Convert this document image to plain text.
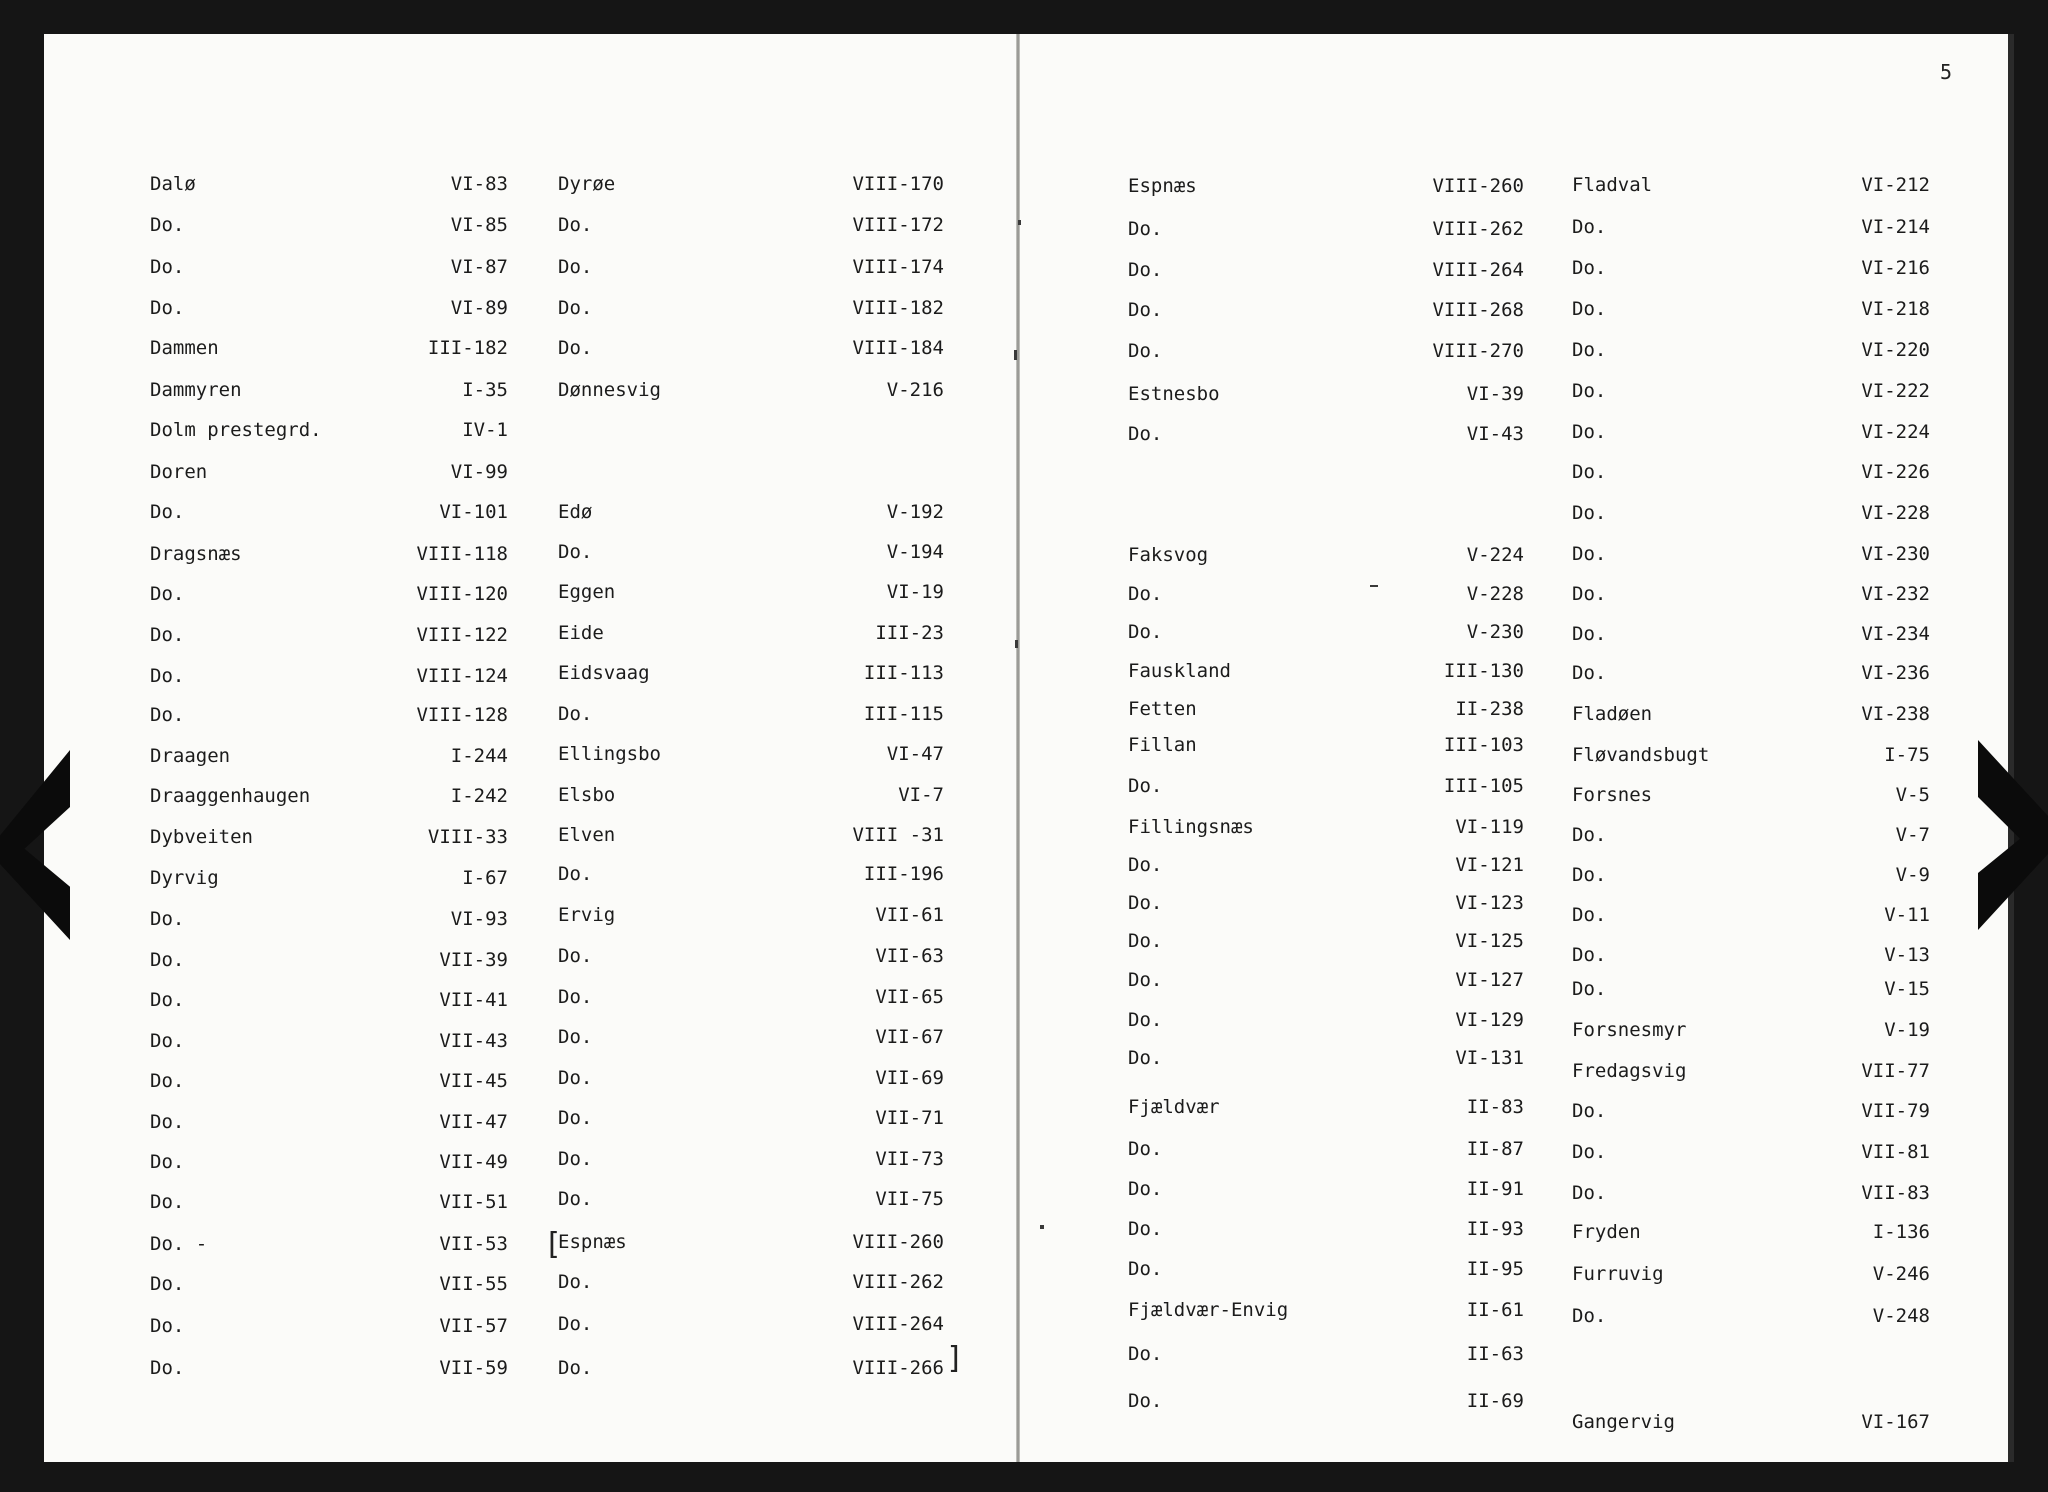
5
Dalø	VI-83
Do.	VI-85
Do.	VI-87
Do.	VI-89
Dammen	III-182
Dammyren	I-35
Dolm prestegrd.	IV-1
Doren	VI-99
Do.	VI-101
Dragsnæs	VIII-118
Do.	VIII-120
Do.	VIII-122
Do.	VIII-124
Do.	VIII-128
Draagen	I-244
Draaggenhaugen	I-242
Dybveiten	VIII-33
Dyrvig	I-67
Do.	VI-93
Do.	VII-39
Do.	VII-41
Do.	VII-43
Do.	VII-45
Do.	VII-47
Do.	VII-49
Do.	VII-51
Do. -	VII-53
Do.	VII-55
Do.	VII-57
Do.	VII-59
Dyrøe	VIII-170
Do.	VIII-172
Do.	VIII-174
Do.	VIII-182
Do.	VIII-184
Dønnesvig	V-216
Edø	V-192
Do.	V-194
Eggen	VI-19
Eide	III-23
Eidsvaag	III-113
Do.	III-115
Ellingsbo	VI-47
Elsbo	VI-7
Elven	VIII -31
Do.	III-196
Ervig	VII-61
Do.	VII-63
Do.	VII-65
Do.	VII-67
Do.	VII-69
Do.	VII-71
Do.	VII-73
Do.	VII-75
Espnæs	VIII-260
Do.	VIII-262
Do.	VIII-264
Do.	VIII-266
Espnæs	VIII-260
Do.	VIII-262
Do.	VIII-264
Do.	VIII-268
Do.	VIII-270
Estnesbo	VI-39
Do.	VI-43
Faksvog	V-224
Do.	V-228
Do.	V-230
Fauskland	III-130
Fetten	II-238
Fillan	III-103
Do.	III-105
Fillingsnæs	VI-119
Do.	VI-121
Do.	VI-123
Do.	VI-125
Do.	VI-127
Do.	VI-129
Do.	VI-131
Fjældvær	II-83
Do.	II-87
Do.	II-91
Do.	II-93
Do.	II-95
Fjældvær-Envig	II-61
Do.	II-63
Do.	II-69
Fladval	VI-212
Do.	VI-214
Do.	VI-216
Do.	VI-218
Do.	VI-220
Do.	VI-222
Do.	VI-224
Do.	VI-226
Do.	VI-228
Do.	VI-230
Do.	VI-232
Do.	VI-234
Do.	VI-236
Fladøen	VI-238
Fløvandsbugt	I-75
Forsnes	V-5
Do.	V-7
Do.	V-9
Do.	V-11
Do.	V-13
Do.	V-15
Forsnesmyr	V-19
Fredagsvig	VII-77
Do.	VII-79
Do.	VII-81
Do.	VII-83
Fryden	I-136
Furruvig	V-246
Do.	V-248
Gangervig	VI-167
[
]
